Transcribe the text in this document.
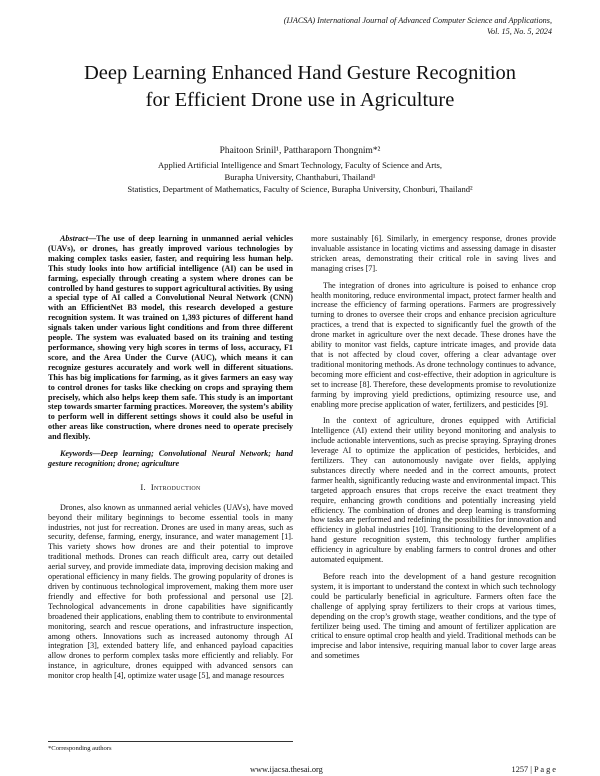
(IJACSA) International Journal of Advanced Computer Science and Applications,
Vol. 15, No. 5, 2024
Deep Learning Enhanced Hand Gesture Recognition
for Efficient Drone use in Agriculture
Phaitoon Srinil¹, Pattharaporn Thongnim*²
Applied Artificial Intelligence and Smart Technology, Faculty of Science and Arts,
Burapha University, Chanthaburi, Thailand¹
Statistics, Department of Mathematics, Faculty of Science, Burapha University, Chonburi, Thailand²

Abstract—The use of deep learning in unmanned aerial vehicles (UAVs), or drones, has greatly improved various technologies by making complex tasks easier, faster, and requiring less human help. This study looks into how artificial intelligence (AI) can be used in farming, especially through creating a system where drones can be controlled by hand gestures to support agricultural activities. By using a special type of AI called a Convolutional Neural Network (CNN) with an EfficientNet B3 model, this research developed a gesture recognition system. It was trained on 1,393 pictures of different hand signals taken under various light conditions and from three different people. The system was evaluated based on its training and testing performance, showing very high scores in terms of loss, accuracy, F1 score, and the Area Under the Curve (AUC), which means it can recognize gestures accurately and work well in different situations. This has big implications for farming, as it gives farmers an easy way to control drones for tasks like checking on crops and spraying them precisely, which also helps keep them safe. This study is an important step towards smarter farming practices. Moreover, the system’s ability to perform well in different settings shows it could also be useful in other areas like construction, where drones need to operate precisely and flexibly.

Keywords—Deep learning; Convolutional Neural Network; hand gesture recognition; drone; agriculture

I. Introduction

Drones, also known as unmanned aerial vehicles (UAVs), have moved beyond their military beginnings to become essential tools in many industries, not just for recreation. Drones are used in many areas, such as security, defense, farming, energy, insurance, and water management [1]. This variety shows how drones are and their potential to improve traditional methods. Drones can reach difficult area, carry out detailed aerial survey, and provide immediate data, improving decision making and operational efficiency in many fields. The growing popularity of drones is driven by continuous technological improvement, making them more user friendly and effective for both professional and personal use [2]. Technological advancements in drone capabilities have significantly broadened their applications, enabling them to contribute to environmental monitoring, search and rescue operations, and infrastructure inspection, among others. Innovations such as increased autonomy through AI integration [3], extended battery life, and enhanced payload capacities allow drones to perform complex tasks more efficiently and reliably. For instance, in agriculture, drones equipped with advanced sensors can monitor crop health [4], optimize water usage [5], and manage resources

more sustainably [6]. Similarly, in emergency response, drones provide invaluable assistance in locating victims and assessing damage in disaster stricken areas, demonstrating their critical role in saving lives and managing crises [7].

The integration of drones into agriculture is poised to enhance crop health monitoring, reduce environmental impact, protect farmer health and increase the efficiency of farming operations. Farmers are progressively turning to drones to oversee their crops and enhance precision agriculture practices, a trend that is expected to significantly fuel the growth of the drone market in agriculture over the next decade. These drones have the ability to monitor vast fields, capture intricate images, and provide data that is not affected by cloud cover, offering a clear advantage over traditional monitoring methods. As drone technology continues to advance, becoming more efficient and cost-effective, their adoption in agriculture is set to increase [8]. Therefore, these developments promise to revolutionize farming by improving yield predictions, optimizing resource use, and enabling more precise application of water, fertilizers, and pesticides [9].

In the context of agriculture, drones equipped with Artificial Intelligence (AI) extend their utility beyond monitoring and analysis to include actionable interventions, such as precise spraying. Spraying drones leverage AI to optimize the application of pesticides, herbicides, and fertilizers. They can autonomously navigate over fields, applying substances directly where needed and in the correct amounts, protect farmer health, significantly reducing waste and environmental impact. This targeted approach ensures that crops receive the exact treatment they require, enhancing growth conditions and potentially increasing yield efficiency. The combination of drones and deep learning is transforming how tasks are performed and redefining the possibilities for innovation and efficiency in global industries [10]. Transitioning to the development of a hand gesture recognition system, this technology further amplifies efficiency in agriculture by enabling farmers to control drones and other automated equipment.

Before reach into the development of a hand gesture recognition system, it is important to understand the context in which such technology could be particularly beneficial in agriculture. Farmers often face the challenge of applying spray fertilizers to their crops at various times, depending on the crop’s growth stage, weather conditions, and the type of fertilizer being used. The timing and amount of fertilizer application are critical to ensure optimal crop health and yield. Traditional methods can be imprecise and labor intensive, requiring manual labor to cover large areas and sometimes

*Corresponding authors
www.ijacsa.thesai.org	1257 | P a g e
